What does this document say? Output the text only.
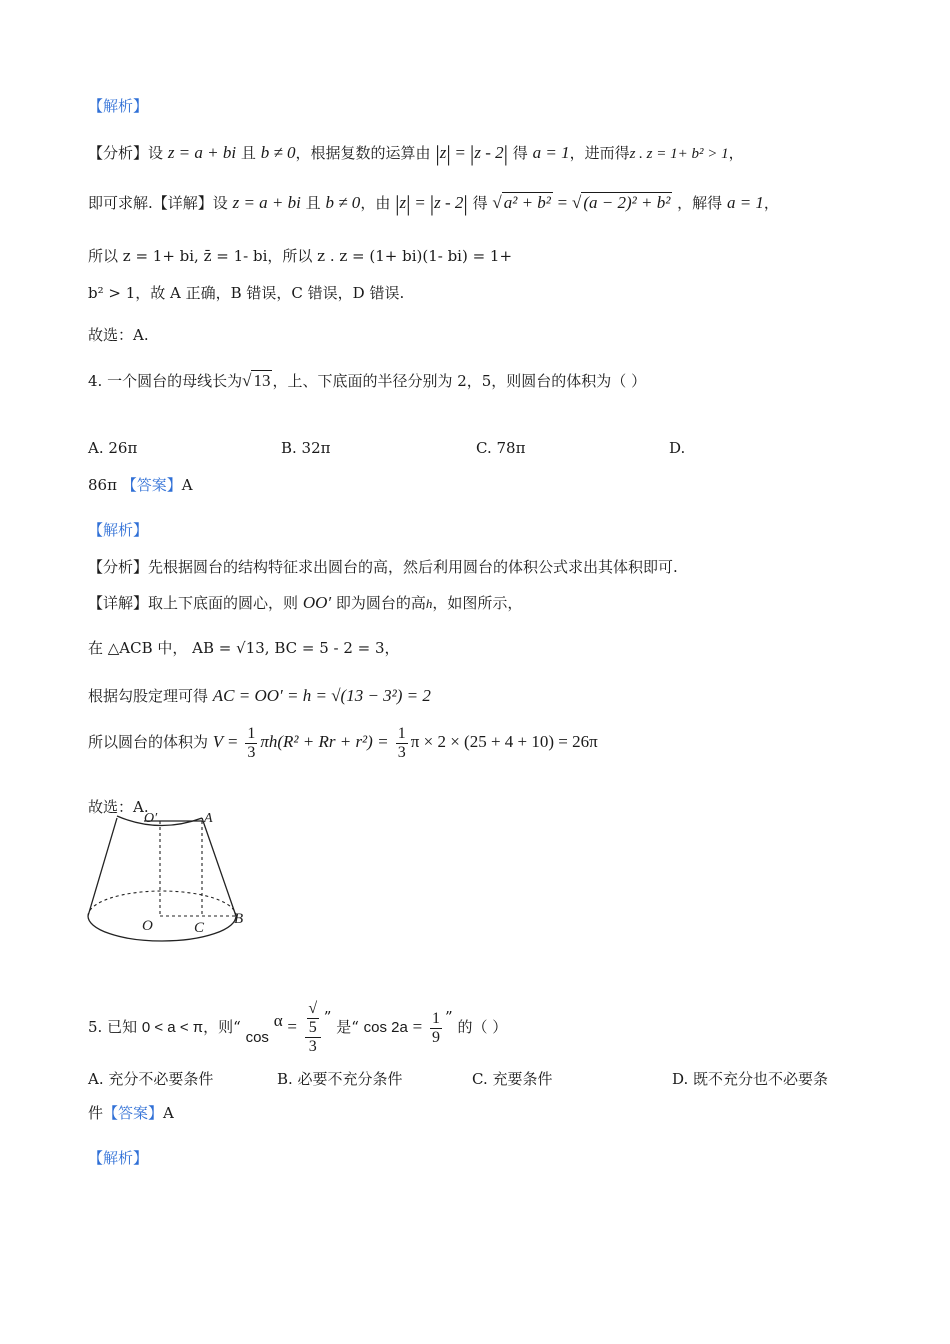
【解析】
【分析】设 z = a + bi 且 b ≠ 0，根据复数的运算由 |z| = |z - 2| 得 a = 1，进而得z . z = 1+ b² > 1，
即可求解.【详解】设 z = a + bi 且 b ≠ 0，由 |z| = |z - 2| 得 √ a² + b² = √ (a − 2)² + b² ，解得 a = 1，
所以 z = 1+ bi, z̄ = 1- bi，所以 z . z = (1+ bi)(1- bi) = 1+
b² > 1，故 A 正确，B 错误，C 错误，D 错误.
故选：A.
4. 一个圆台的母线长为√ 13 ，上、下底面的半径分别为 2，5，则圆台的体积为（ ）
A. 26π	B. 32π	C. 78π	D.
86π 【答案】A
【解析】
【分析】先根据圆台的结构特征求出圆台的高，然后利用圆台的体积公式求出其体积即可.
【详解】取上下底面的圆心，则 OO′ 即为圆台的高h，如图所示，
在 △ACB 中， AB = √13, BC = 5 - 2 = 3，
根据勾股定理可得 AC = OO′ = h = √(13 − 3²) = 2
所以圆台的体积为 $V = \frac{1}{3} \pi h(R^2 + Rr + r^2) = \frac{1}{3}$ π × 2 × (25 + 4 + 10) = 26π
故选：A.
O′	A
O	C
B
5. 已知 0 < a < π，则“ cos α = √
5
3 ” 是“ $\cos 2a = \frac{1}{9}$ ” 的（ ）
A. 充分不必要条件	B. 必要不充分条件	C. 充要条件	D. 既不充分也不必要条
件【答案】A
【解析】
